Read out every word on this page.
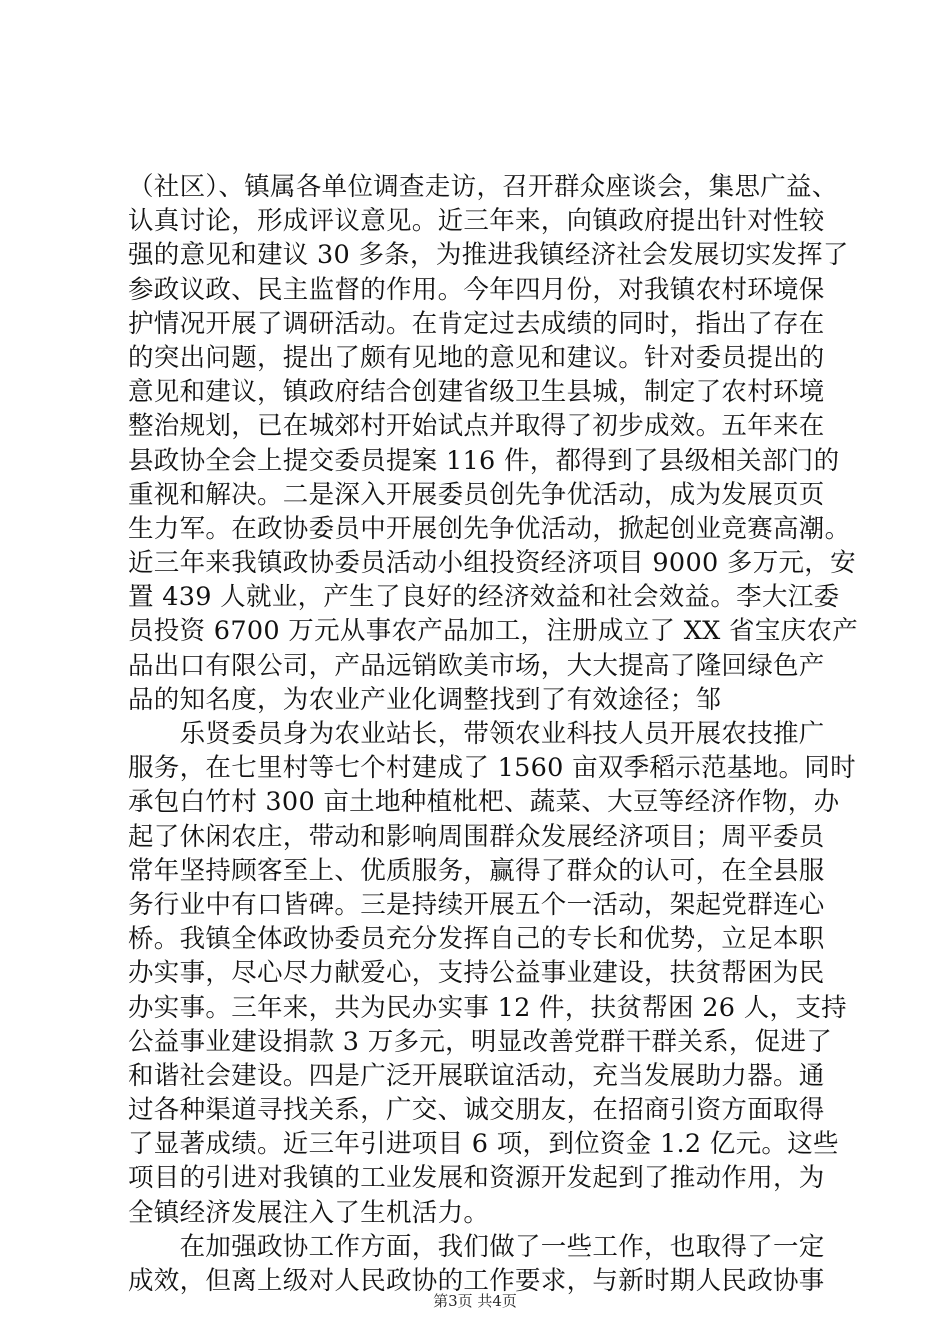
（社区）、镇属各单位调查走访，召开群众座谈会，集思广益、
认真讨论，形成评议意见。近三年来，向镇政府提出针对性较
强的意见和建议 30 多条，为推进我镇经济社会发展切实发挥了
参政议政、民主监督的作用。今年四月份，对我镇农村环境保
护情况开展了调研活动。在肯定过去成绩的同时，指出了存在
的突出问题，提出了颇有见地的意见和建议。针对委员提出的
意见和建议，镇政府结合创建省级卫生县城，制定了农村环境
整治规划，已在城郊村开始试点并取得了初步成效。五年来在
县政协全会上提交委员提案 116 件，都得到了县级相关部门的
重视和解决。二是深入开展委员创先争优活动，成为发展页页
生力军。在政协委员中开展创先争优活动，掀起创业竞赛高潮。
近三年来我镇政协委员活动小组投资经济项目 9000 多万元，安
置 439 人就业，产生了良好的经济效益和社会效益。李大江委
员投资 6700 万元从事农产品加工，注册成立了 XX 省宝庆农产
品出口有限公司，产品远销欧美市场，大大提高了隆回绿色产
品的知名度，为农业产业化调整找到了有效途径；邹
　　乐贤委员身为农业站长，带领农业科技人员开展农技推广
服务，在七里村等七个村建成了 1560 亩双季稻示范基地。同时
承包白竹村 300 亩土地种植枇杷、蔬菜、大豆等经济作物，办
起了休闲农庄，带动和影响周围群众发展经济项目；周平委员
常年坚持顾客至上、优质服务，赢得了群众的认可，在全县服
务行业中有口皆碑。三是持续开展五个一活动，架起党群连心
桥。我镇全体政协委员充分发挥自己的专长和优势，立足本职
办实事，尽心尽力献爱心，支持公益事业建设，扶贫帮困为民
办实事。三年来，共为民办实事 12 件，扶贫帮困 26 人，支持
公益事业建设捐款 3 万多元，明显改善党群干群关系，促进了
和谐社会建设。四是广泛开展联谊活动，充当发展助力器。通
过各种渠道寻找关系，广交、诚交朋友，在招商引资方面取得
了显著成绩。近三年引进项目 6 项，到位资金 1.2 亿元。这些
项目的引进对我镇的工业发展和资源开发起到了推动作用，为
全镇经济发展注入了生机活力。
　　在加强政协工作方面，我们做了一些工作，也取得了一定
成效，但离上级对人民政协的工作要求，与新时期人民政协事
第3页 共4页
